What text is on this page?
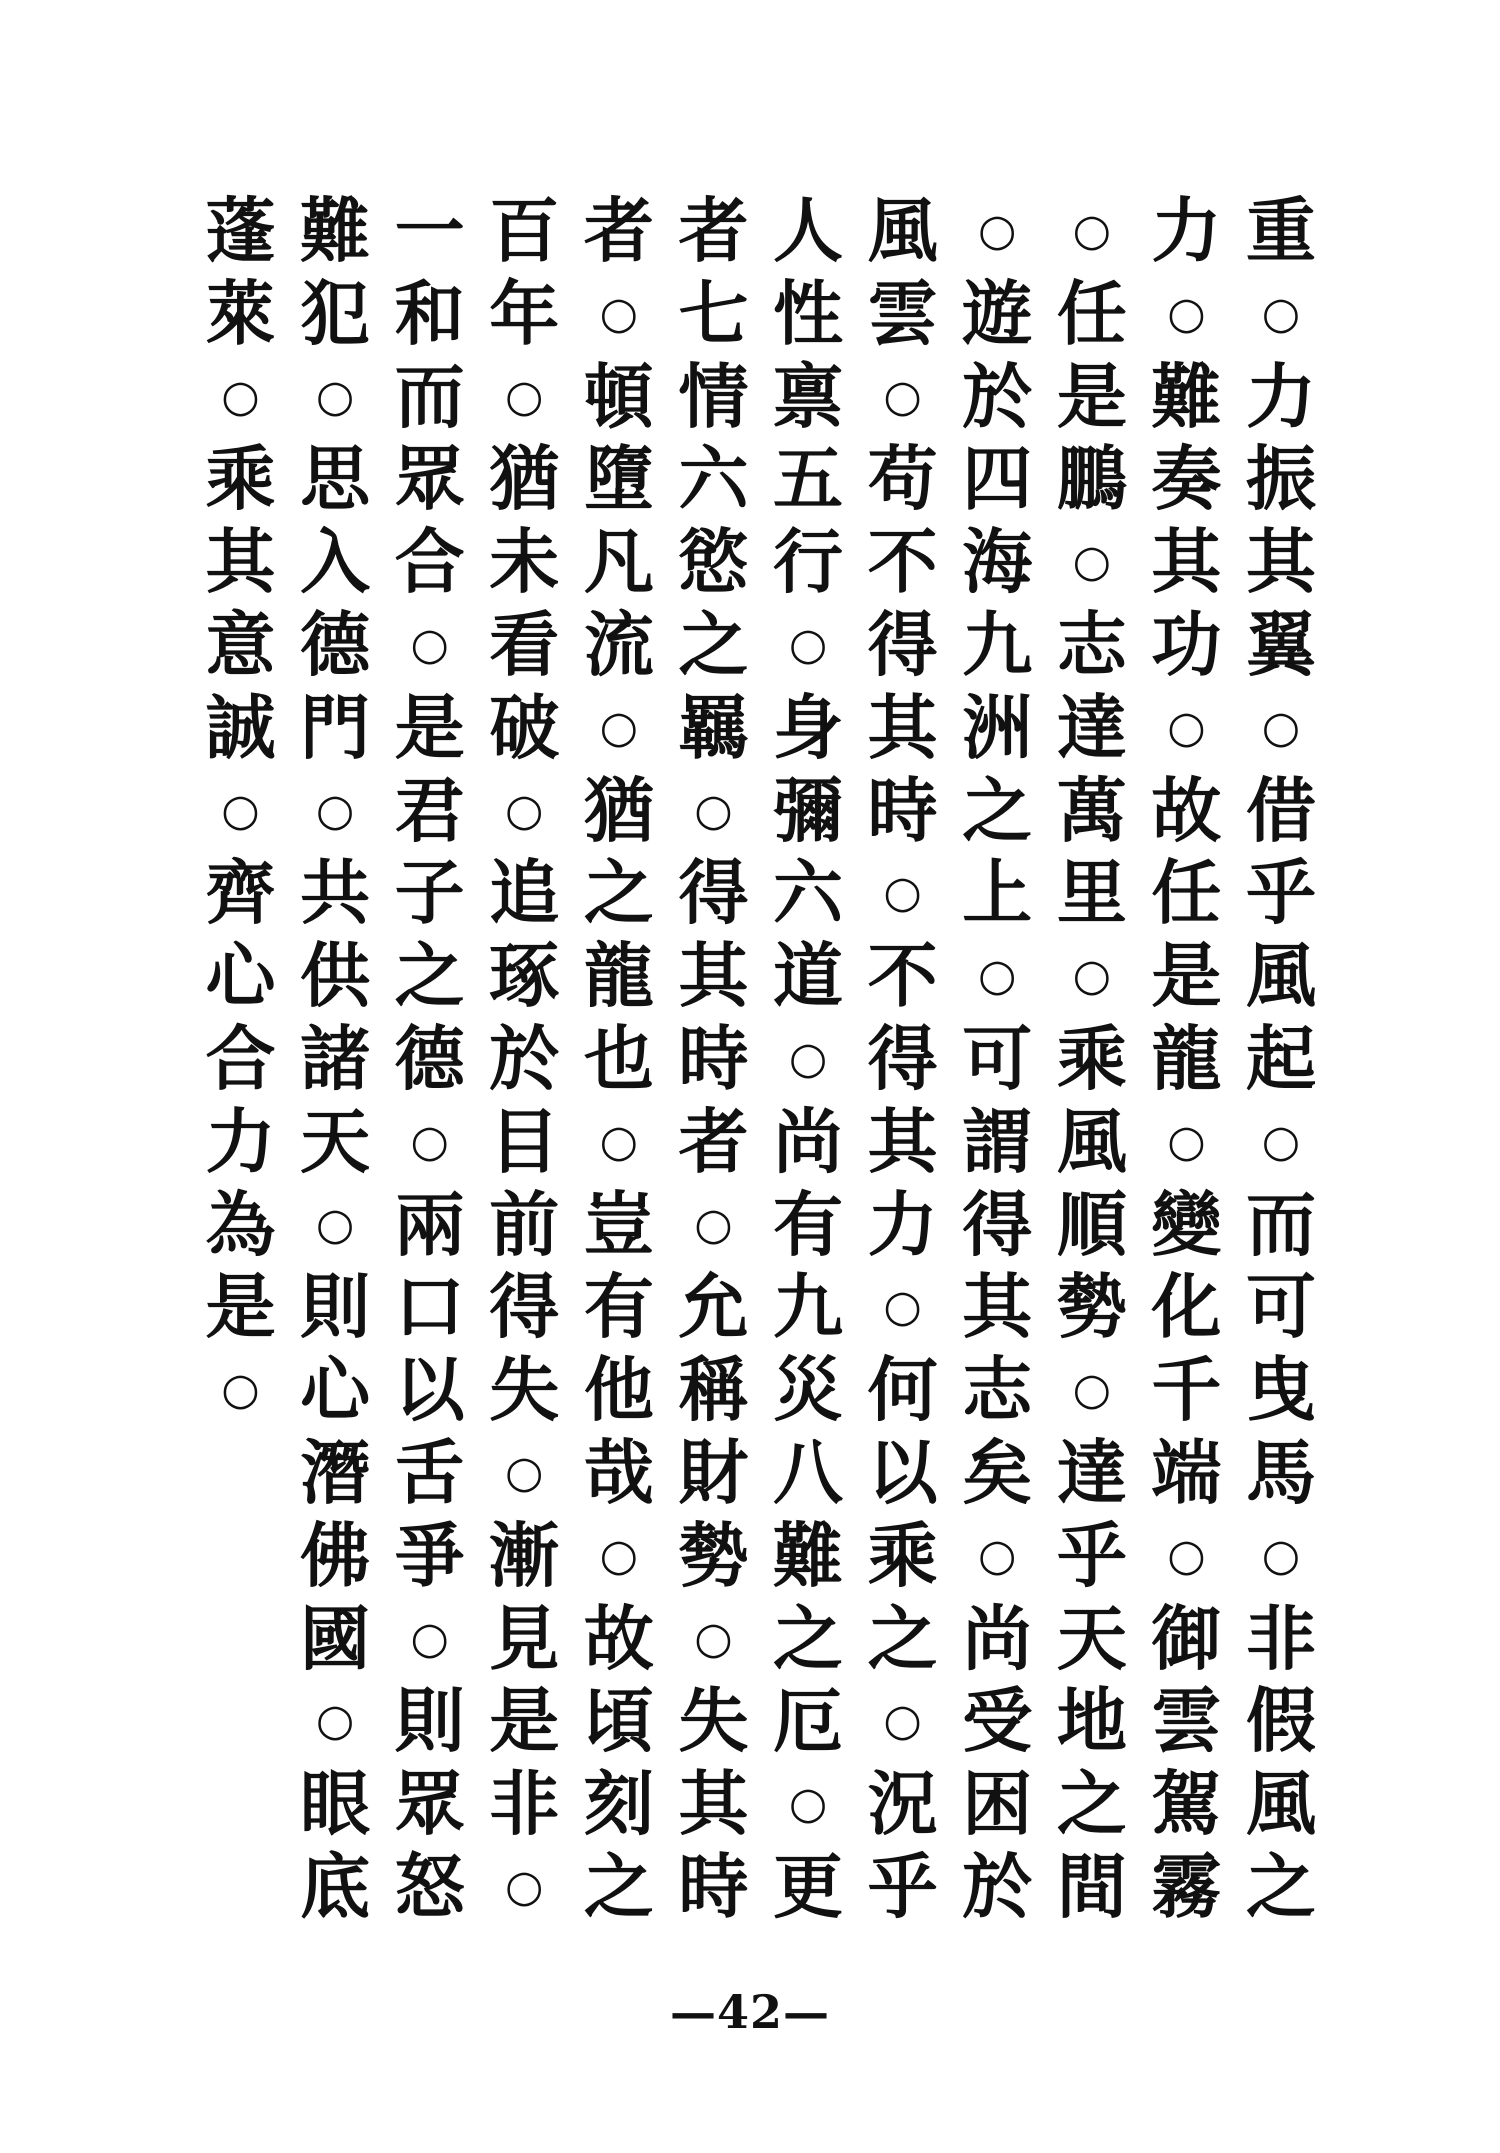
重
○
力
振
其
翼
○
借
乎
風
起
○
而
可
曳
馬
○
非
假
風
之
力
○
難
奏
其
功
○
故
任
是
龍
○
變
化
千
端
○
御
雲
駕
霧
○
任
是
鵬
○
志
達
萬
里
○
乘
風
順
勢
○
達
乎
天
地
之
間
○
遊
於
四
海
九
洲
之
上
○
可
謂
得
其
志
矣
○
尚
受
困
於
風
雲
○
苟
不
得
其
時
○
不
得
其
力
○
何
以
乘
之
○
況
乎
人
性
禀
五
行
○
身
彌
六
道
○
尚
有
九
災
八
難
之
厄
○
更
者
七
情
六
慾
之
羈
○
得
其
時
者
○
允
稱
財
勢
○
失
其
時
者
○
頓
墮
凡
流
○
猶
之
龍
也
○
豈
有
他
哉
○
故
頃
刻
之
百
年
○
猶
未
看
破
○
追
琢
於
目
前
得
失
○
漸
見
是
非
○
一
和
而
眾
合
○
是
君
子
之
德
○
兩
口
以
舌
爭
○
則
眾
怒
難
犯
○
思
入
德
門
○
共
供
諸
天
○
則
心
潛
佛
國
○
眼
底
蓬
萊
○
乘
其
意
誠
○
齊
心
合
力
為
是
○
—42—
